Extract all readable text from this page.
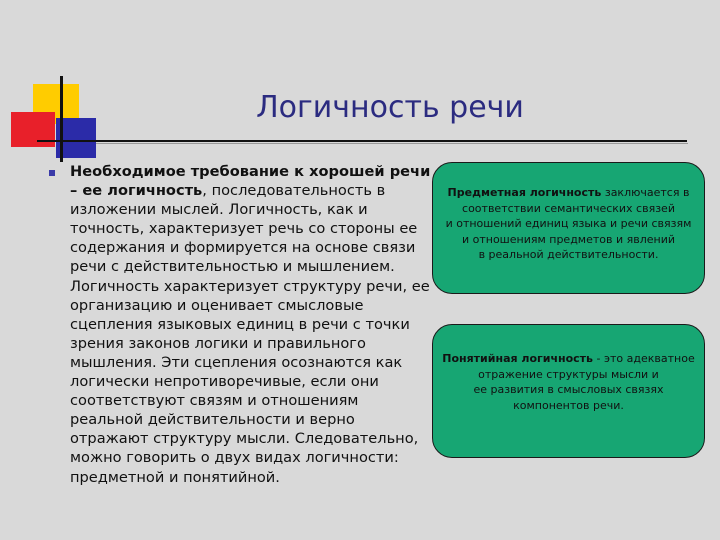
Логичность речи
Необходимое требование к хорошей речи – ее логичность, последовательность в изложении мыслей. Логичность, как и точность, характеризует речь со стороны ее содержания и формируется на основе связи речи с действительностью и мышлением. Логичность характеризует структуру речи, ее организацию и оценивает смысловые сцепления языковых единиц в речи с точки зрения законов логики и правильного мышления. Эти сцепления осознаются как логически непротиворечивые, если они соответствуют связям и отношениям реальной действительности и верно отражают структуру мысли. Следовательно, можно говорить о двух видах логичности: предметной и понятийной.
Предметная логичность заключается в
соответствии семантических связей
и отношений единиц языка и речи связям
и отношениям предметов и явлений
в реальной действительности.
Понятийная логичность - это адекватное
отражение структуры мысли и
ее развития в смысловых связях
компонентов речи.
